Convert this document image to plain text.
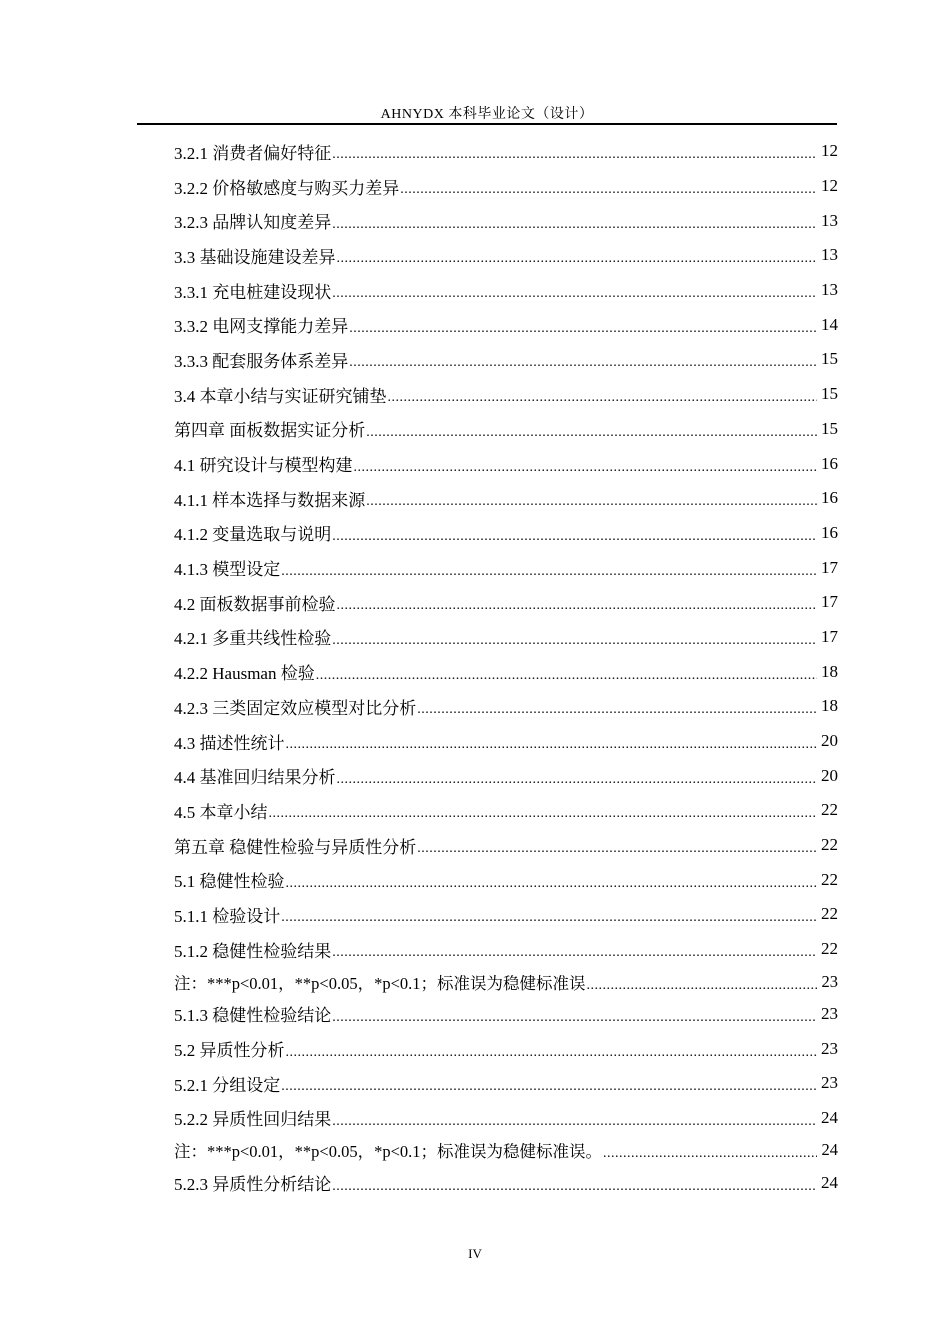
AHNYDX 本科毕业论文（设计）
3.2.1 消费者偏好特征 .....	12
3.2.2 价格敏感度与购买力差异 .....	12
3.2.3 品牌认知度差异 .....	13
3.3 基础设施建设差异 .....	13
3.3.1 充电桩建设现状 .....	13
3.3.2 电网支撑能力差异 .....	14
3.3.3 配套服务体系差异 .....	15
3.4 本章小结与实证研究铺垫 .....	15
第四章 面板数据实证分析 .....	15
4.1 研究设计与模型构建 .....	16
4.1.1 样本选择与数据来源 .....	16
4.1.2 变量选取与说明 .....	16
4.1.3 模型设定 .....	17
4.2 面板数据事前检验 .....	17
4.2.1 多重共线性检验 .....	17
4.2.2 Hausman 检验 .....	18
4.2.3 三类固定效应模型对比分析 .....	18
4.3 描述性统计 .....	20
4.4 基准回归结果分析 .....	20
4.5 本章小结 .....	22
第五章 稳健性检验与异质性分析 .....	22
5.1 稳健性检验 .....	22
5.1.1 检验设计 .....	22
5.1.2 稳健性检验结果 .....	22
注：***p<0.01，**p<0.05，*p<0.1；标准误为稳健标准误 .....	23
5.1.3 稳健性检验结论 .....	23
5.2 异质性分析 .....	23
5.2.1 分组设定 .....	23
5.2.2 异质性回归结果 .....	24
注：***p<0.01，**p<0.05，*p<0.1；标准误为稳健标准误。 .....	24
5.2.3 异质性分析结论 .....	24
IV
